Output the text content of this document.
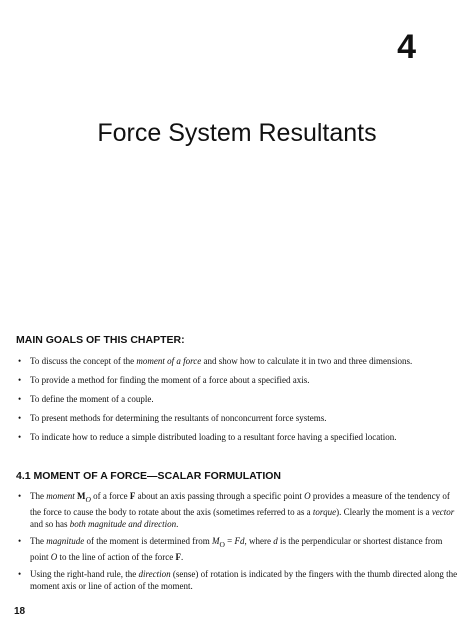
4
Force System Resultants
MAIN GOALS OF THIS CHAPTER:
• To discuss the concept of the moment of a force and show how to calculate it in two and three dimensions.
• To provide a method for finding the moment of a force about a specified axis.
• To define the moment of a couple.
• To present methods for determining the resultants of nonconcurrent force systems.
• To indicate how to reduce a simple distributed loading to a resultant force having a specified location.
4.1 MOMENT OF A FORCE—SCALAR FORMULATION
• The moment $M_O$ of a force F about an axis passing through a specific point O provides a measure of the tendency of the force to cause the body to rotate about the axis (sometimes referred to as a torque). Clearly the moment is a vector and so has both magnitude and direction.
• The magnitude of the moment is determined from $M_O = Fd$, where d is the perpendicular or shortest distance from point O to the line of action of the force F.
• Using the right-hand rule, the direction (sense) of rotation is indicated by the fingers with the thumb directed along the moment axis or line of action of the moment.

18
